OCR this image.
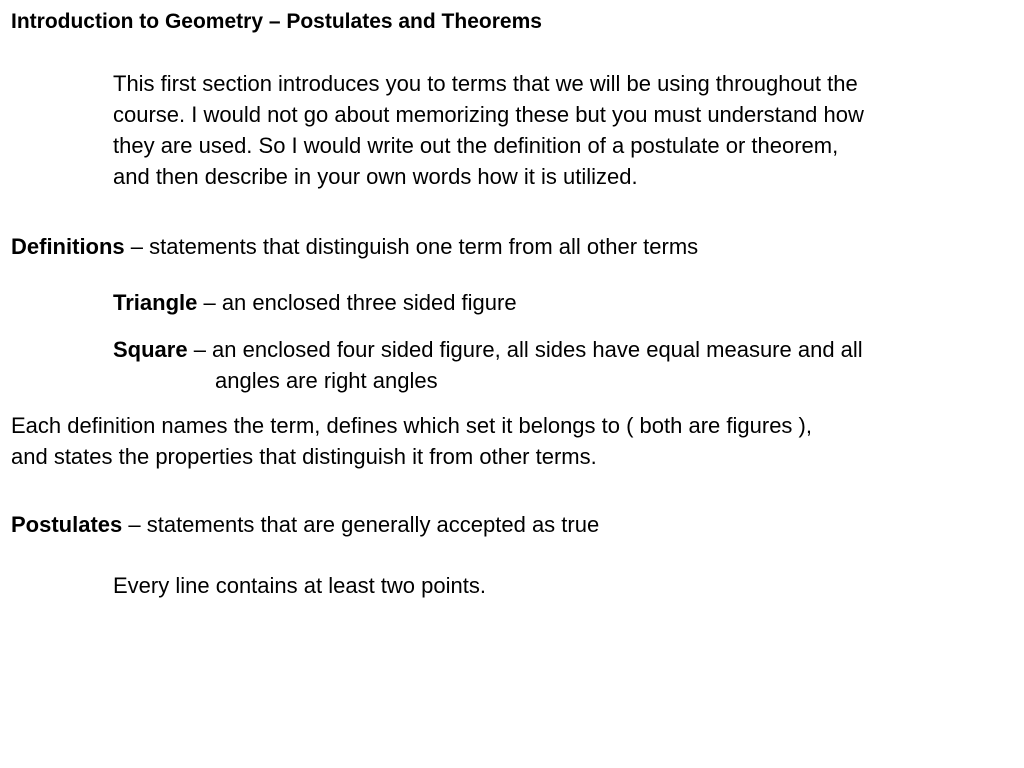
Introduction to Geometry – Postulates and Theorems
This first section introduces you to terms that we will be using throughout the
course. I would not go about memorizing these but you must understand how
they are used. So I would write out the definition of a postulate or theorem,
and then describe in your own words how it is utilized.
Definitions – statements that distinguish one term from all other terms
Triangle – an enclosed three sided figure
Square – an enclosed four sided figure, all sides have equal measure and all
angles are right angles
Each definition names the term, defines which set it belongs to ( both are figures ),
and states the properties that distinguish it from other terms.
Postulates – statements that are generally accepted as true
Every line contains at least two points.
